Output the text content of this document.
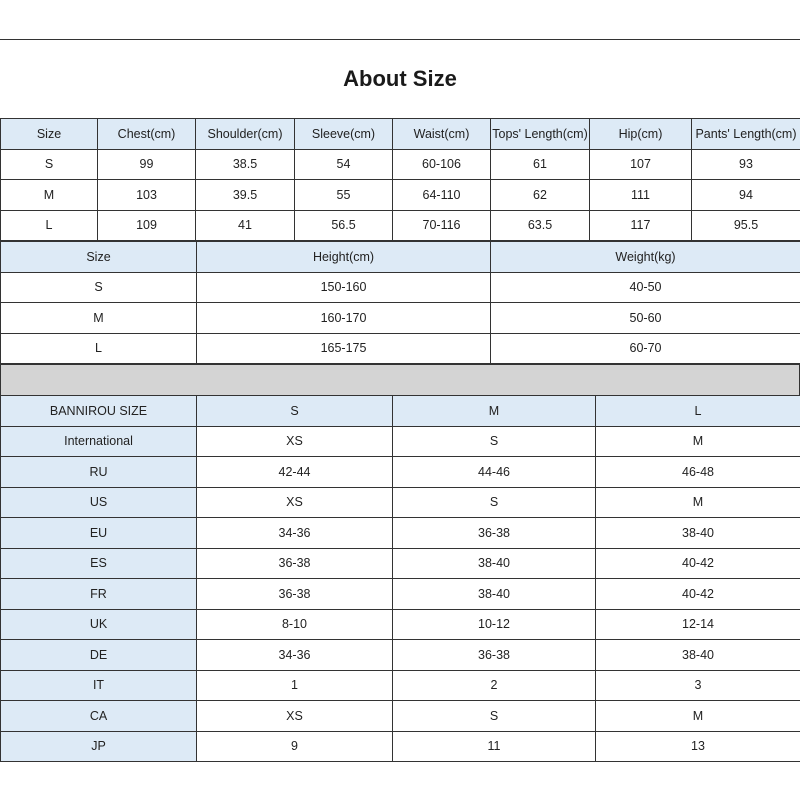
About Size
Size	Chest(cm)	Shoulder(cm)	Sleeve(cm)	Waist(cm)	Tops' Length(cm)	Hip(cm)	Pants' Length(cm)
S	99	38.5	54	60-106	61	107	93
M	103	39.5	55	64-110	62	111	94
L	109	41	56.5	70-116	63.5	117	95.5
Size	Height(cm)	Weight(kg)
S	150-160	40-50
M	160-170	50-60
L	165-175	60-70
BANNIROU SIZE	S	M	L
International	XS	S	M
RU	42-44	44-46	46-48
US	XS	S	M
EU	34-36	36-38	38-40
ES	36-38	38-40	40-42
FR	36-38	38-40	40-42
UK	8-10	10-12	12-14
DE	34-36	36-38	38-40
IT	1	2	3
CA	XS	S	M
JP	9	11	13
